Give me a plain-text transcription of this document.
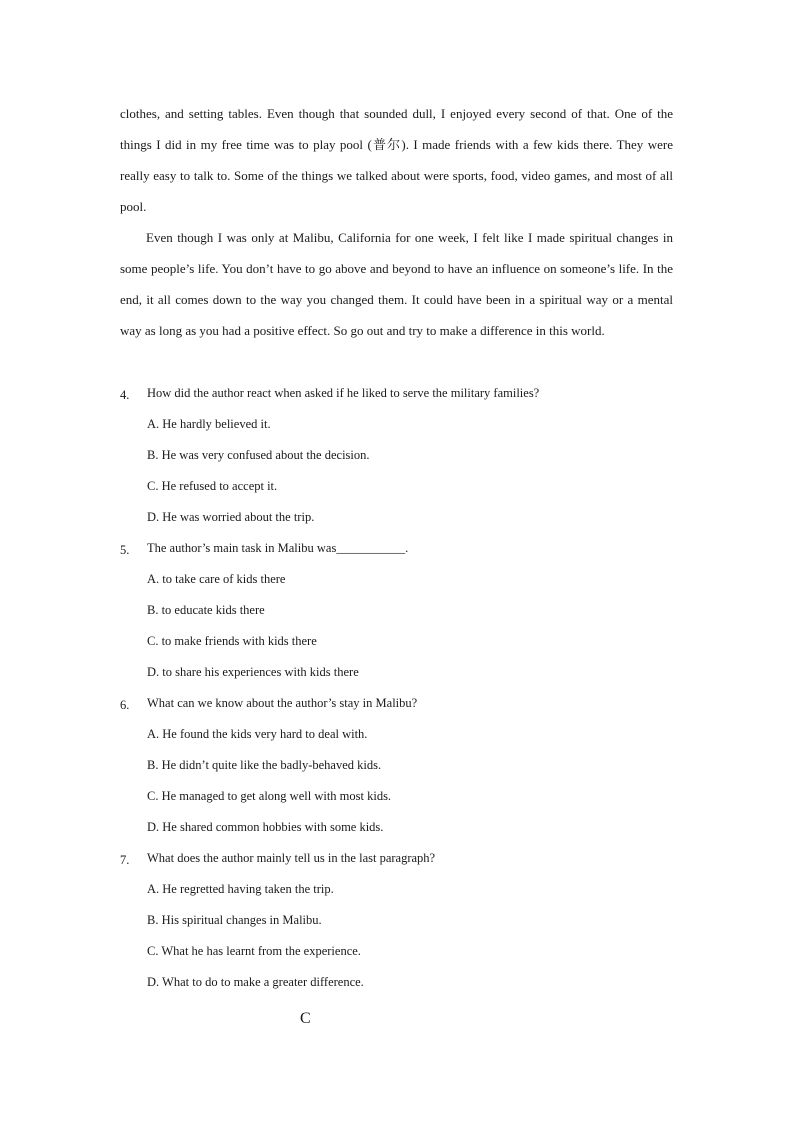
clothes, and setting tables. Even though that sounded dull, I enjoyed every second of that. One of the things I did in my free time was to play pool (普尔). I made friends with a few kids there. They were really easy to talk to. Some of the things we talked about were sports, food, video games, and most of all pool.

Even though I was only at Malibu, California for one week, I felt like I made spiritual changes in some people’s life. You don’t have to go above and beyond to have an influence on someone’s life. In the end, it all comes down to the way you changed them. It could have been in a spiritual way or a mental way as long as you had a positive effect. So go out and try to make a difference in this world.

4. How did the author react when asked if he liked to serve the military families?
A. He hardly believed it.
B. He was very confused about the decision.
C. He refused to accept it.
D. He was worried about the trip.
5. The author’s main task in Malibu was___________.
A. to take care of kids there
B. to educate kids there
C. to make friends with kids there
D. to share his experiences with kids there
6. What can we know about the author’s stay in Malibu?
A. He found the kids very hard to deal with.
B. He didn’t quite like the badly-behaved kids.
C. He managed to get along well with most kids.
D. He shared common hobbies with some kids.
7. What does the author mainly tell us in the last paragraph?
A. He regretted having taken the trip.
B. His spiritual changes in Malibu.
C. What he has learnt from the experience.
D. What to do to make a greater difference.
C
